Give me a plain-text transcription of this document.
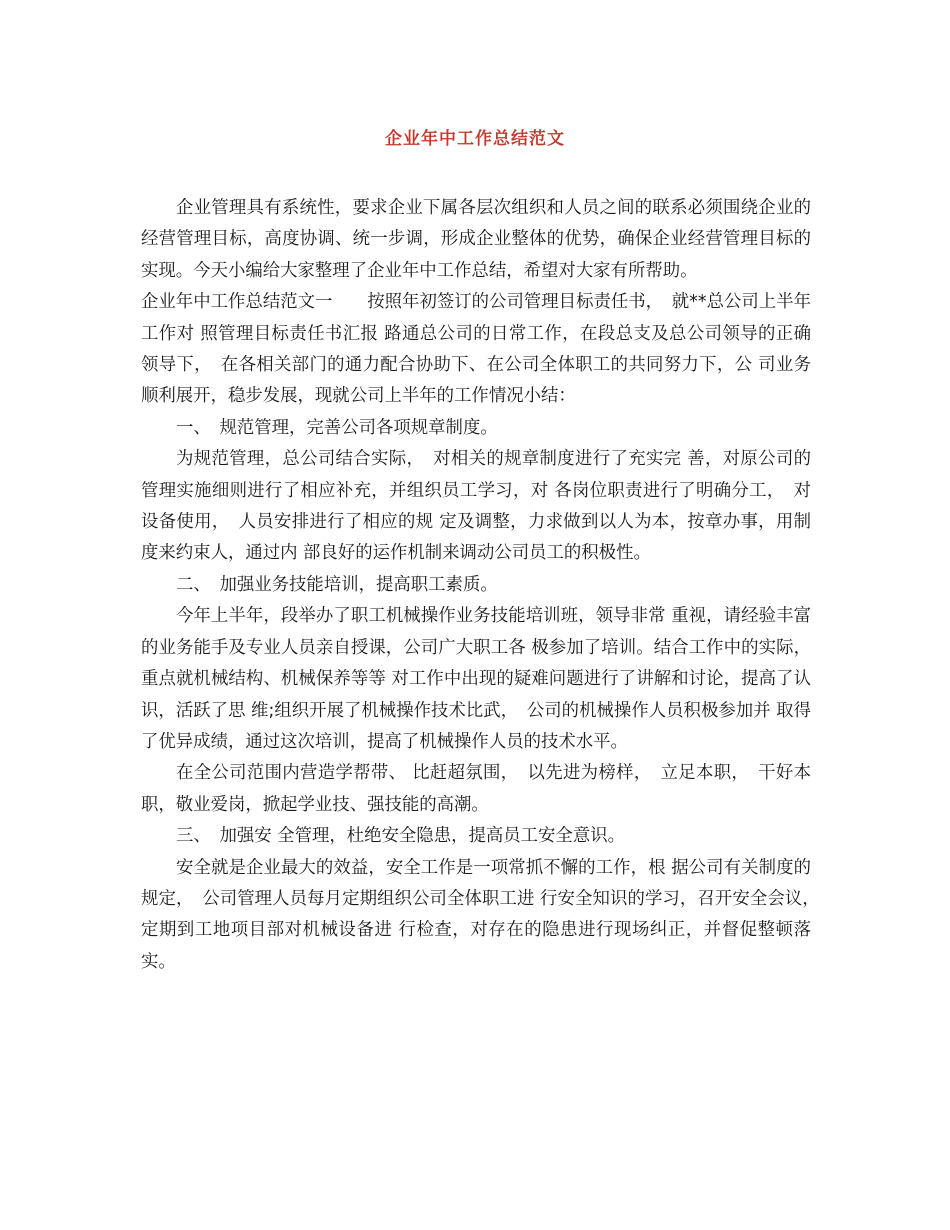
企业年中工作总结范文

企业管理具有系统性，要求企业下属各层次组织和人员之间的联系必须围绕企业的经营管理目标，高度协调、统一步调，形成企业整体的优势，确保企业经营管理目标的实现。今天小编给大家整理了企业年中工作总结，希望对大家有所帮助。

企业年中工作总结范文一　　按照年初签订的公司管理目标责任书，　就**总公司上半年工作对 照管理目标责任书汇报 路通总公司的日常工作，在段总支及总公司领导的正确领导下，　在各相关部门的通力配合协助下、在公司全体职工的共同努力下，公 司业务顺利展开，稳步发展，现就公司上半年的工作情况小结：

一、　规范管理，完善公司各项规章制度。

为规范管理，总公司结合实际，　对相关的规章制度进行了充实完 善，对原公司的管理实施细则进行了相应补充，并组织员工学习，对 各岗位职责进行了明确分工，　对设备使用，　人员安排进行了相应的规 定及调整，力求做到以人为本，按章办事，用制度来约束人，通过内 部良好的运作机制来调动公司员工的积极性。

二、　加强业务技能培训，提高职工素质。

今年上半年，段举办了职工机械操作业务技能培训班，领导非常 重视，请经验丰富的业务能手及专业人员亲自授课，公司广大职工各 极参加了培训。结合工作中的实际，重点就机械结构、机械保养等等 对工作中出现的疑难问题进行了讲解和讨论，提高了认识，活跃了思 维;组织开展了机械操作技术比武，　公司的机械操作人员积极参加并 取得了优异成绩，通过这次培训，提高了机械操作人员的技术水平。

在全公司范围内营造学帮带、 比赶超氛围，　以先进为榜样，　立足本职，　干好本职，敬业爱岗，掀起学业技、强技能的高潮。

三、　加强安 全管理，杜绝安全隐患，提高员工安全意识。

安全就是企业最大的效益，安全工作是一项常抓不懈的工作，根 据公司有关制度的规定，　公司管理人员每月定期组织公司全体职工进 行安全知识的学习，召开安全会议，　定期到工地项目部对机械设备进 行检查，对存在的隐患进行现场纠正，并督促整顿落实。
